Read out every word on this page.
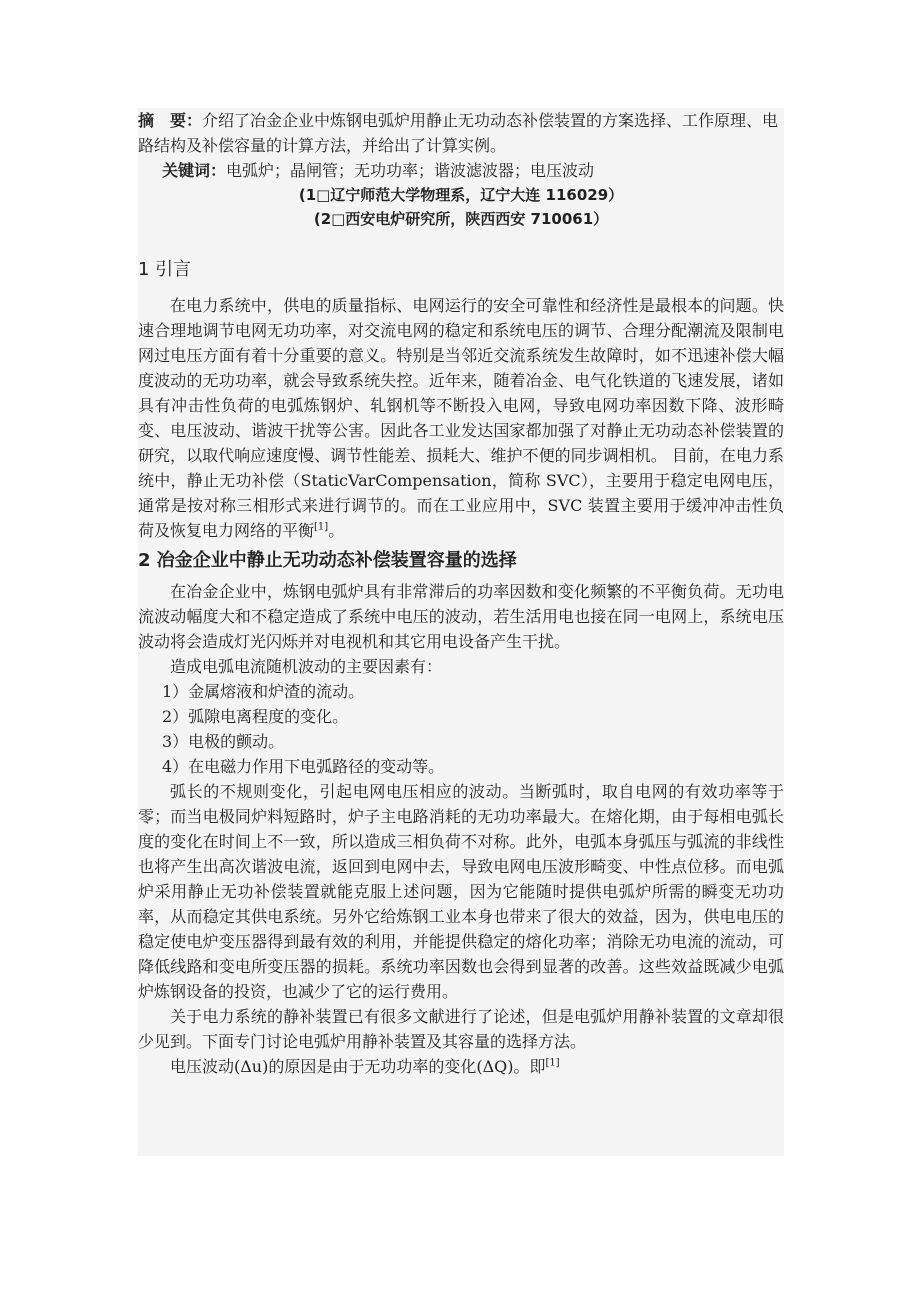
摘　要：介绍了冶金企业中炼钢电弧炉用静止无功动态补偿装置的方案选择、工作原理、电路结构及补偿容量的计算方法，并给出了计算实例。

关键词：电弧炉；晶闸管；无功功率；谐波滤波器；电压波动

(1□辽宁师范大学物理系，辽宁大连 116029）

(2□西安电炉研究所，陕西西安 710061）

1 引言

在电力系统中，供电的质量指标、电网运行的安全可靠性和经济性是最根本的问题。快速合理地调节电网无功功率，对交流电网的稳定和系统电压的调节、合理分配潮流及限制电网过电压方面有着十分重要的意义。特别是当邻近交流系统发生故障时，如不迅速补偿大幅度波动的无功功率，就会导致系统失控。近年来，随着冶金、电气化铁道的飞速发展，诸如具有冲击性负荷的电弧炼钢炉、轧钢机等不断投入电网，导致电网功率因数下降、波形畸变、电压波动、谐波干扰等公害。因此各工业发达国家都加强了对静止无功动态补偿装置的研究，以取代响应速度慢、调节性能差、损耗大、维护不便的同步调相机。 目前，在电力系统中，静止无功补偿（StaticVarCompensation，简称 SVC），主要用于稳定电网电压，通常是按对称三相形式来进行调节的。而在工业应用中，SVC 装置主要用于缓冲冲击性负荷及恢复电力网络的平衡[1]。

2 冶金企业中静止无功动态补偿装置容量的选择

在冶金企业中，炼钢电弧炉具有非常滞后的功率因数和变化频繁的不平衡负荷。无功电流波动幅度大和不稳定造成了系统中电压的波动，若生活用电也接在同一电网上，系统电压波动将会造成灯光闪烁并对电视机和其它用电设备产生干扰。

造成电弧电流随机波动的主要因素有：

1）金属熔液和炉渣的流动。

2）弧隙电离程度的变化。

3）电极的颤动。

4）在电磁力作用下电弧路径的变动等。

弧长的不规则变化，引起电网电压相应的波动。当断弧时，取自电网的有效功率等于零；而当电极同炉料短路时，炉子主电路消耗的无功功率最大。在熔化期，由于每相电弧长度的变化在时间上不一致，所以造成三相负荷不对称。此外，电弧本身弧压与弧流的非线性也将产生出高次谐波电流，返回到电网中去，导致电网电压波形畸变、中性点位移。而电弧炉采用静止无功补偿装置就能克服上述问题，因为它能随时提供电弧炉所需的瞬变无功功率，从而稳定其供电系统。另外它给炼钢工业本身也带来了很大的效益，因为，供电电压的稳定使电炉变压器得到最有效的利用，并能提供稳定的熔化功率；消除无功电流的流动，可降低线路和变电所变压器的损耗。系统功率因数也会得到显著的改善。这些效益既减少电弧炉炼钢设备的投资，也减少了它的运行费用。

关于电力系统的静补装置已有很多文献进行了论述，但是电弧炉用静补装置的文章却很少见到。下面专门讨论电弧炉用静补装置及其容量的选择方法。

电压波动(Δu)的原因是由于无功功率的变化(ΔQ)。即[1]
